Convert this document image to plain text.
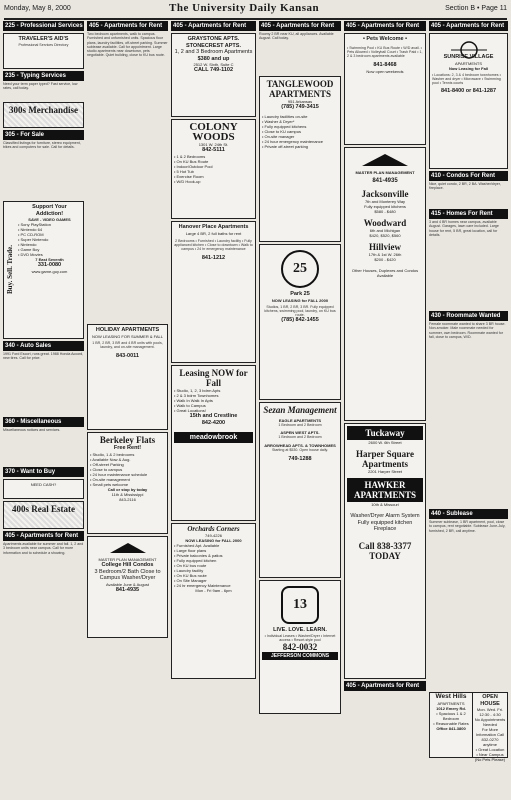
Monday, May 8, 2000	The University Daily Kansan	Section B • Page 11
225 - Professional Services
TRAVELER'S AID'S
Professional Services Directory
235 - Typing Services
Need your term paper typed? Fast service, low rates, call today.
300s Merchandise
305 - For Sale
Classified listings for furniture, stereo equipment, bikes and computers for sale. Call for details.
Buy. Sell. Trade.
Support Your Addiction!
SAVE - VIDEO GAMES
• Sony PlayStation
• Nintendo 64
• PC CD-ROM
• Super Nintendo
• Nintendo
• Game Boy
• DVD Movies
7 East Seventh
331-0080
www.game-guy.com
340 - Auto Sales
1991 Ford Escort, runs great. 1988 Honda Accord, new tires. Call for price.
360 - Miscellaneous
Miscellaneous notices and services.
370 - Want to Buy
NEED CASH?
400s Real Estate
405 - Apartments for Rent
Apartments available for summer and fall. 1, 2 and 3 bedroom units near campus. Call for more information and to schedule a showing.
405 - Apartments for Rent
Two bedroom apartments, walk to campus. Furnished and unfurnished units. Spacious floor plans, laundry facilities, off-street parking. Summer sublease available. Call for appointment. Large studio apartments near downtown, pets negotiable. Quiet building, close to KU bus route.
HOLIDAY APARTMENTS
NOW LEASING FOR SUMMER & FALL
1 BR, 2 BR, 3 BR and 4 BR units with pools, laundry, and on-site management.
843-0011
Berkeley Flats
Free Rent!
• Studio, 1 & 2 bedrooms
• Available Now & Aug.
• Off-street Parking
• Close to campus
• 24 hour maintenance schedule
• On-site management
• Small pets welcome
Call or stop by today
11th & Mississippi
843-2116
MASTER PLAN MANAGEMENT
College Hill Condos
3 Bedroom/2 Bath Close to Campus Washer/Dryer
Available June & August
841-4935
405 - Apartments for Rent
GRAYSTONE APTS. STONECREST APTS.
1, 2 and 3 Bedroom Apartments
$380 and up
2512 W. Sixth, Suite C
CALL 749-1102
COLONY WOODS
1301 W. 24th St.
842-5111
• 1 & 2 Bedrooms
• On KU Bus Route
• Indoor/Outdoor Pool
• 5 Hot Tub
• Exercise Room
• W/D Hook-up
Hanover Place Apartments
Large 4 BR, 2 full baths for rent
2 Bedrooms • Furnished • Laundry facility • Fully applianced kitchen • Close to downtown • Walk to campus • 24 hr emergency maintenance
841-1212
Leasing NOW for Fall
• Studio, 1, 2, 3 bdrm Apts
• 2 & 3 bdrm Townhomes
• Walk In Walk In Apts
• Walk to Campus
• Great Locations!
15th and Crestline
842-4200
meadowbrook
Orchards Corners
749-4226
NOW LEASING for FALL 2000
• Furnished Apt. Available
• Large floor plans
• Private balconies & patios
• Fully equipped kitchen
• On KU bus route
• Laundry facility
• On KU Bus route
• On Site Manager
• 24 hr emergency Maintenance
Mon - Fri 9am - 6pm
405 - Apartments for Rent
Roomy 2 BR near KU, all appliances. Available August. Call today.
TANGLEWOOD APARTMENTS
951 Arkansas
(785) 749-3415
• Laundry facilities on-site
• Washer & Dryer*
• Fully equipped kitchens
• Close to KU campus
• On-site manager
• 24 hour emergency maintenance
• Private off-street parking
25
Park 25
NOW LEASING for FALL 2000
Studios, 1 BR, 2 BR, 3 BR. Fully equipped kitchens, swimming pool, laundry, on KU bus route.
(785) 842-1455
Sezan Management
EAGLE APARTMENTS
1 Bedroom and 2 Bedroom
ASPEN WEST APTS.
1 Bedroom and 2 Bedroom
ARROWHEAD APTS. & TOWNHOMES
Starting at $530. Open house daily.
749-1288
13
LIVE. LOVE. LEARN.
• Individual Leases • Washer/Dryer • Internet access • Resort-style pool
842-0032
JEFFERSON COMMONS
405 - Apartments for Rent
• Pets Welcome •
• Swimming Pool • KU Bus Route • W/D avail. • Pets Allowed • Volleyball Court • Trash Paid • 1, 2 & 3 bedroom apartments available
841-8468
Now open weekends
MASTER PLAN MANAGEMENT
841-4935
Jacksonville
7th and Monterey Way
Fully equipped kitchens
$580 - $480
Woodward
6th and Michigan
$420, $520, $560
Hillview
17th & 1st W. 26th
$200 - $420
Other Houses, Duplexes and Condos Available
Tuckaway
2600 W. 6th Street
Harper Square Apartments
2201 Harper Street
HAWKER APARTMENTS
10th & Missouri
Washer/Dryer Alarm System Fully equipped kitchen Fireplace
Call 838-3377 TODAY
405 - Apartments for Rent
405 - Apartments for Rent
SUNRISE VILLAGE
APARTMENTS
Now Leasing for Fall
• Locations: 2, 3 & 4 bedroom townhomes • Washer and dryer • Microwave • Swimming pool • Tennis courts
841-8400 or 841-1287
410 - Condos For Rent
Nice, quiet condo, 2 BR, 2 BA. Washer/dryer, fireplace.
415 - Homes For Rent
3 and 4 BR homes near campus, available August. Garages, lawn care included. Large house for rent, 5 BR, great location, call for details.
430 - Roommate Wanted
Female roommate wanted to share 3 BR house. Non-smoker. Male roommate needed for summer, own bedroom. Roommate wanted for fall, close to campus, W/D.
440 - Sublease
Summer sublease, 1 BR apartment, pool, close to campus, rent negotiable. Sublease June-July, furnished, 2 BR, call anytime.
West Hills
APARTMENTS
1012 Emery Rd.
• Spacious 1 & 2 Bedroom
• Reasonable Rates
Office 841-3800
OPEN HOUSE
Mon. Wed. Fri. 12:30 - 4:30
No Appointments Needed
For More Information Call 832-0270 anytime
• Great Location
• Near Campus
(No Pets Please)
